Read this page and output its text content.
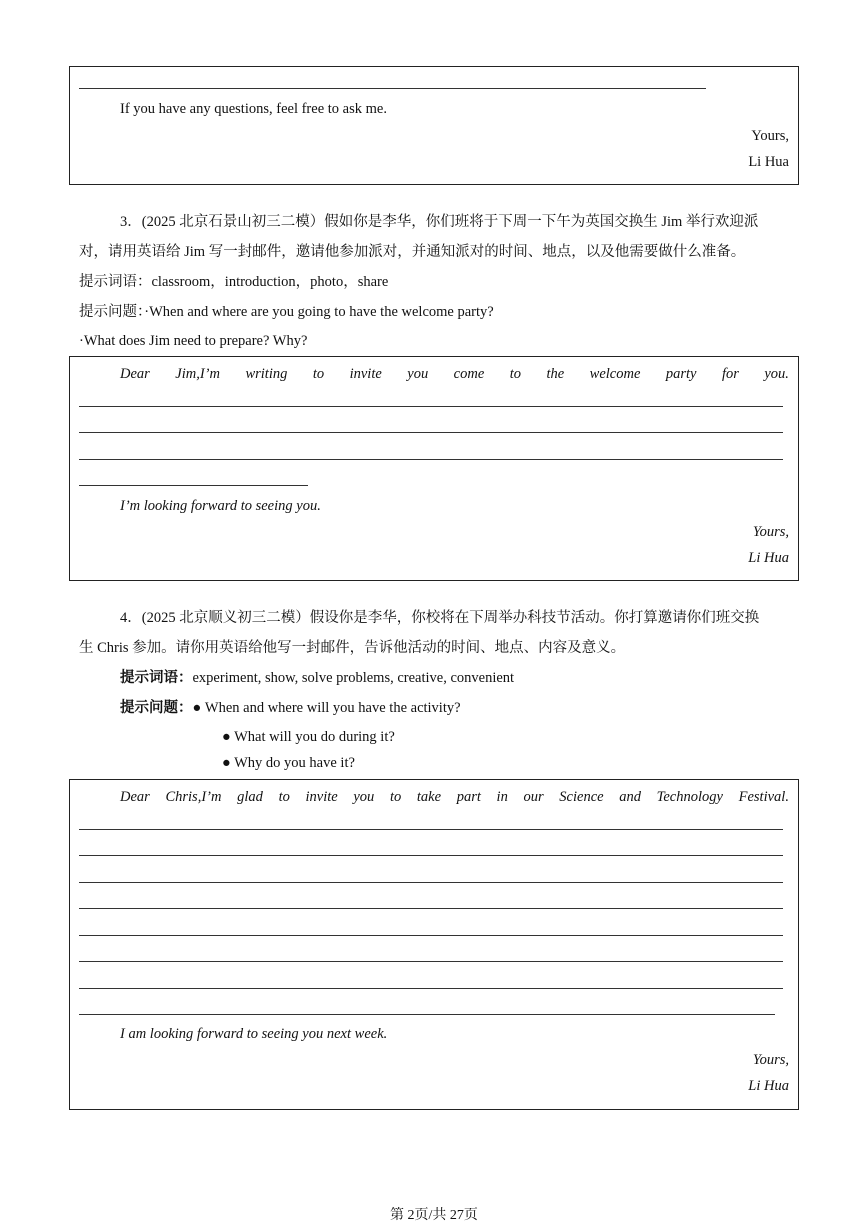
If you have any questions, feel free to ask me.
Yours,
Li Hua
3．(2025 北京石景山初三二模）假如你是李华，你们班将于下周一下午为英国交换生 Jim 举行欢迎派
对，请用英语给 Jim 写一封邮件，邀请他参加派对，并通知派对的时间、地点，以及他需要做什么准备。
提示词语：classroom，introduction，photo，share
提示问题：·When and where are you going to have the welcome party?
·What does Jim need to prepare? Why?
Dear Jim,I’m writing to invite you come to the welcome party for you.
I’m looking forward to seeing you.
Yours,
Li Hua
4．(2025 北京顺义初三二模）假设你是李华，你校将在下周举办科技节活动。你打算邀请你们班交换
生 Chris 参加。请你用英语给他写一封邮件，告诉他活动的时间、地点、内容及意义。
提示词语：experiment, show, solve problems, creative, convenient
提示问题：● When and where will you have the activity?
● What will you do during it?
● Why do you have it?
Dear Chris,I’m glad to invite you to take part in our Science and Technology Festival.
I am looking forward to seeing you next week.
Yours,
Li Hua
第 2页/共 27页
